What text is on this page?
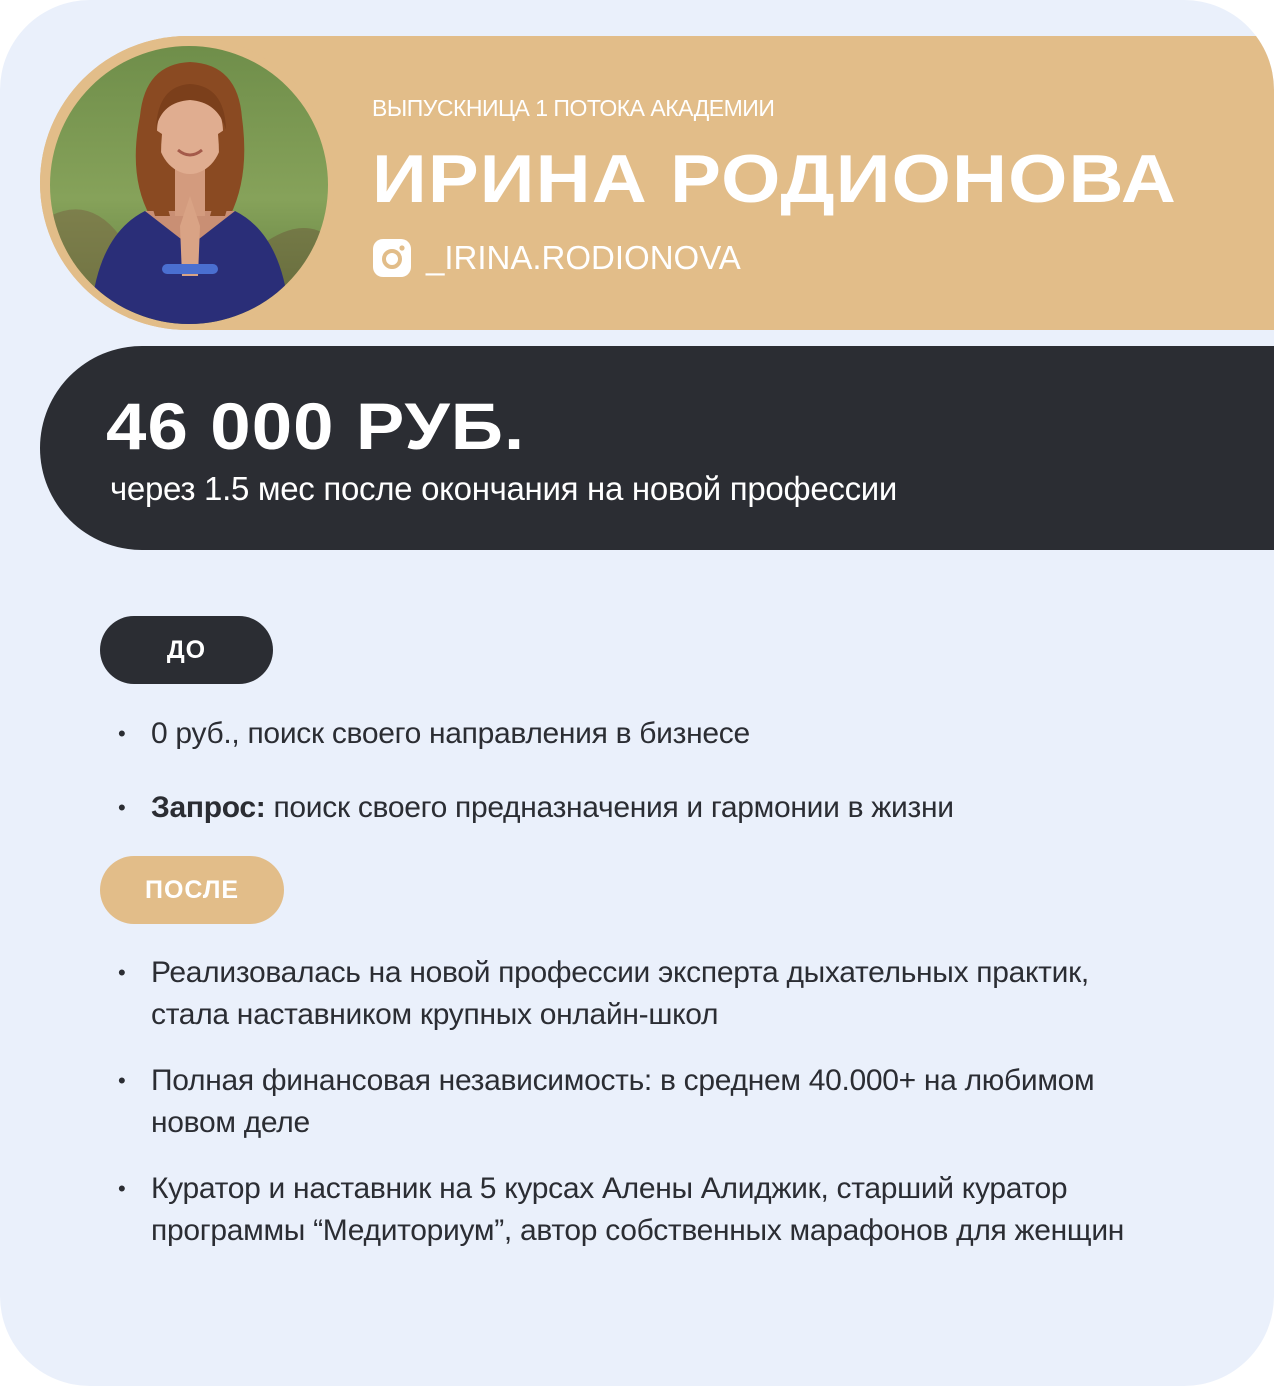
ВЫПУСКНИЦА 1 ПОТОКА АКАДЕМИИ
ИРИНА РОДИОНОВА
_IRINA.RODIONOVA
46 000 РУБ.
через 1.5 мес после окончания на новой профессии
ДО
• 0 руб., поиск своего направления в бизнесе
• Запрос: поиск своего предназначения и гармонии в жизни
ПОСЛЕ
• Реализовалась на новой профессии эксперта дыхательных практик,
стала наставником крупных онлайн-школ
• Полная финансовая независимость: в среднем 40.000+ на любимом
новом деле
• Куратор и наставник на 5 курсах Алены Алиджик, старший куратор
программы “Медиториум”, автор собственных марафонов для женщин
